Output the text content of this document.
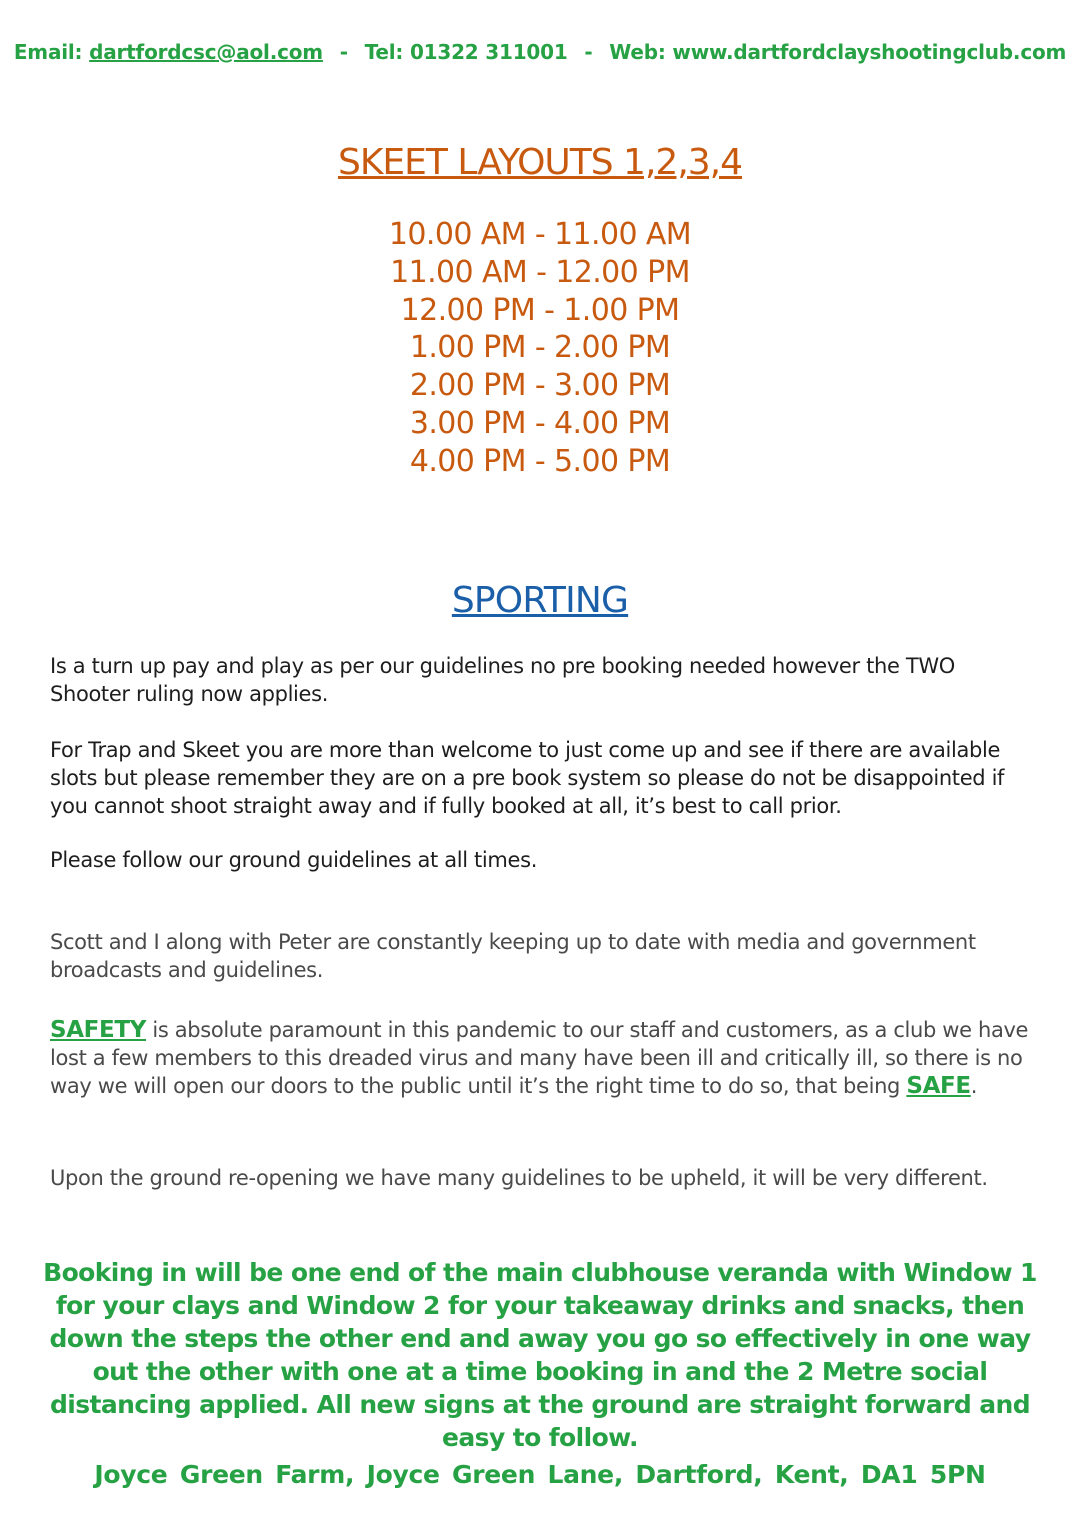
Email: dartfordcsc@aol.com - Tel: 01322 311001 - Web: www.dartfordclayshootingclub.com
SKEET LAYOUTS 1,2,3,4
10.00 AM - 11.00 AM
11.00 AM - 12.00 PM
12.00 PM - 1.00 PM
1.00 PM - 2.00 PM
2.00 PM - 3.00 PM
3.00 PM - 4.00 PM
4.00 PM - 5.00 PM
SPORTING

Is a turn up pay and play as per our guidelines no pre booking needed however the TWO Shooter ruling now applies.

For Trap and Skeet you are more than welcome to just come up and see if there are available slots but please remember they are on a pre book system so please do not be disappointed if you cannot shoot straight away and if fully booked at all, it’s best to call prior.

Please follow our ground guidelines at all times.

Scott and I along with Peter are constantly keeping up to date with media and government broadcasts and guidelines.

SAFETY is absolute paramount in this pandemic to our staff and customers, as a club we have lost a few members to this dreaded virus and many have been ill and critically ill, so there is no way we will open our doors to the public until it’s the right time to do so, that being SAFE.

Upon the ground re-opening we have many guidelines to be upheld, it will be very different.

Booking in will be one end of the main clubhouse veranda with Window 1 for your clays and Window 2 for your takeaway drinks and snacks, then down the steps the other end and away you go so effectively in one way out the other with one at a time booking in and the 2 Metre social distancing applied. All new signs at the ground are straight forward and easy to follow.

Joyce Green Farm, Joyce Green Lane, Dartford, Kent, DA1 5PN
